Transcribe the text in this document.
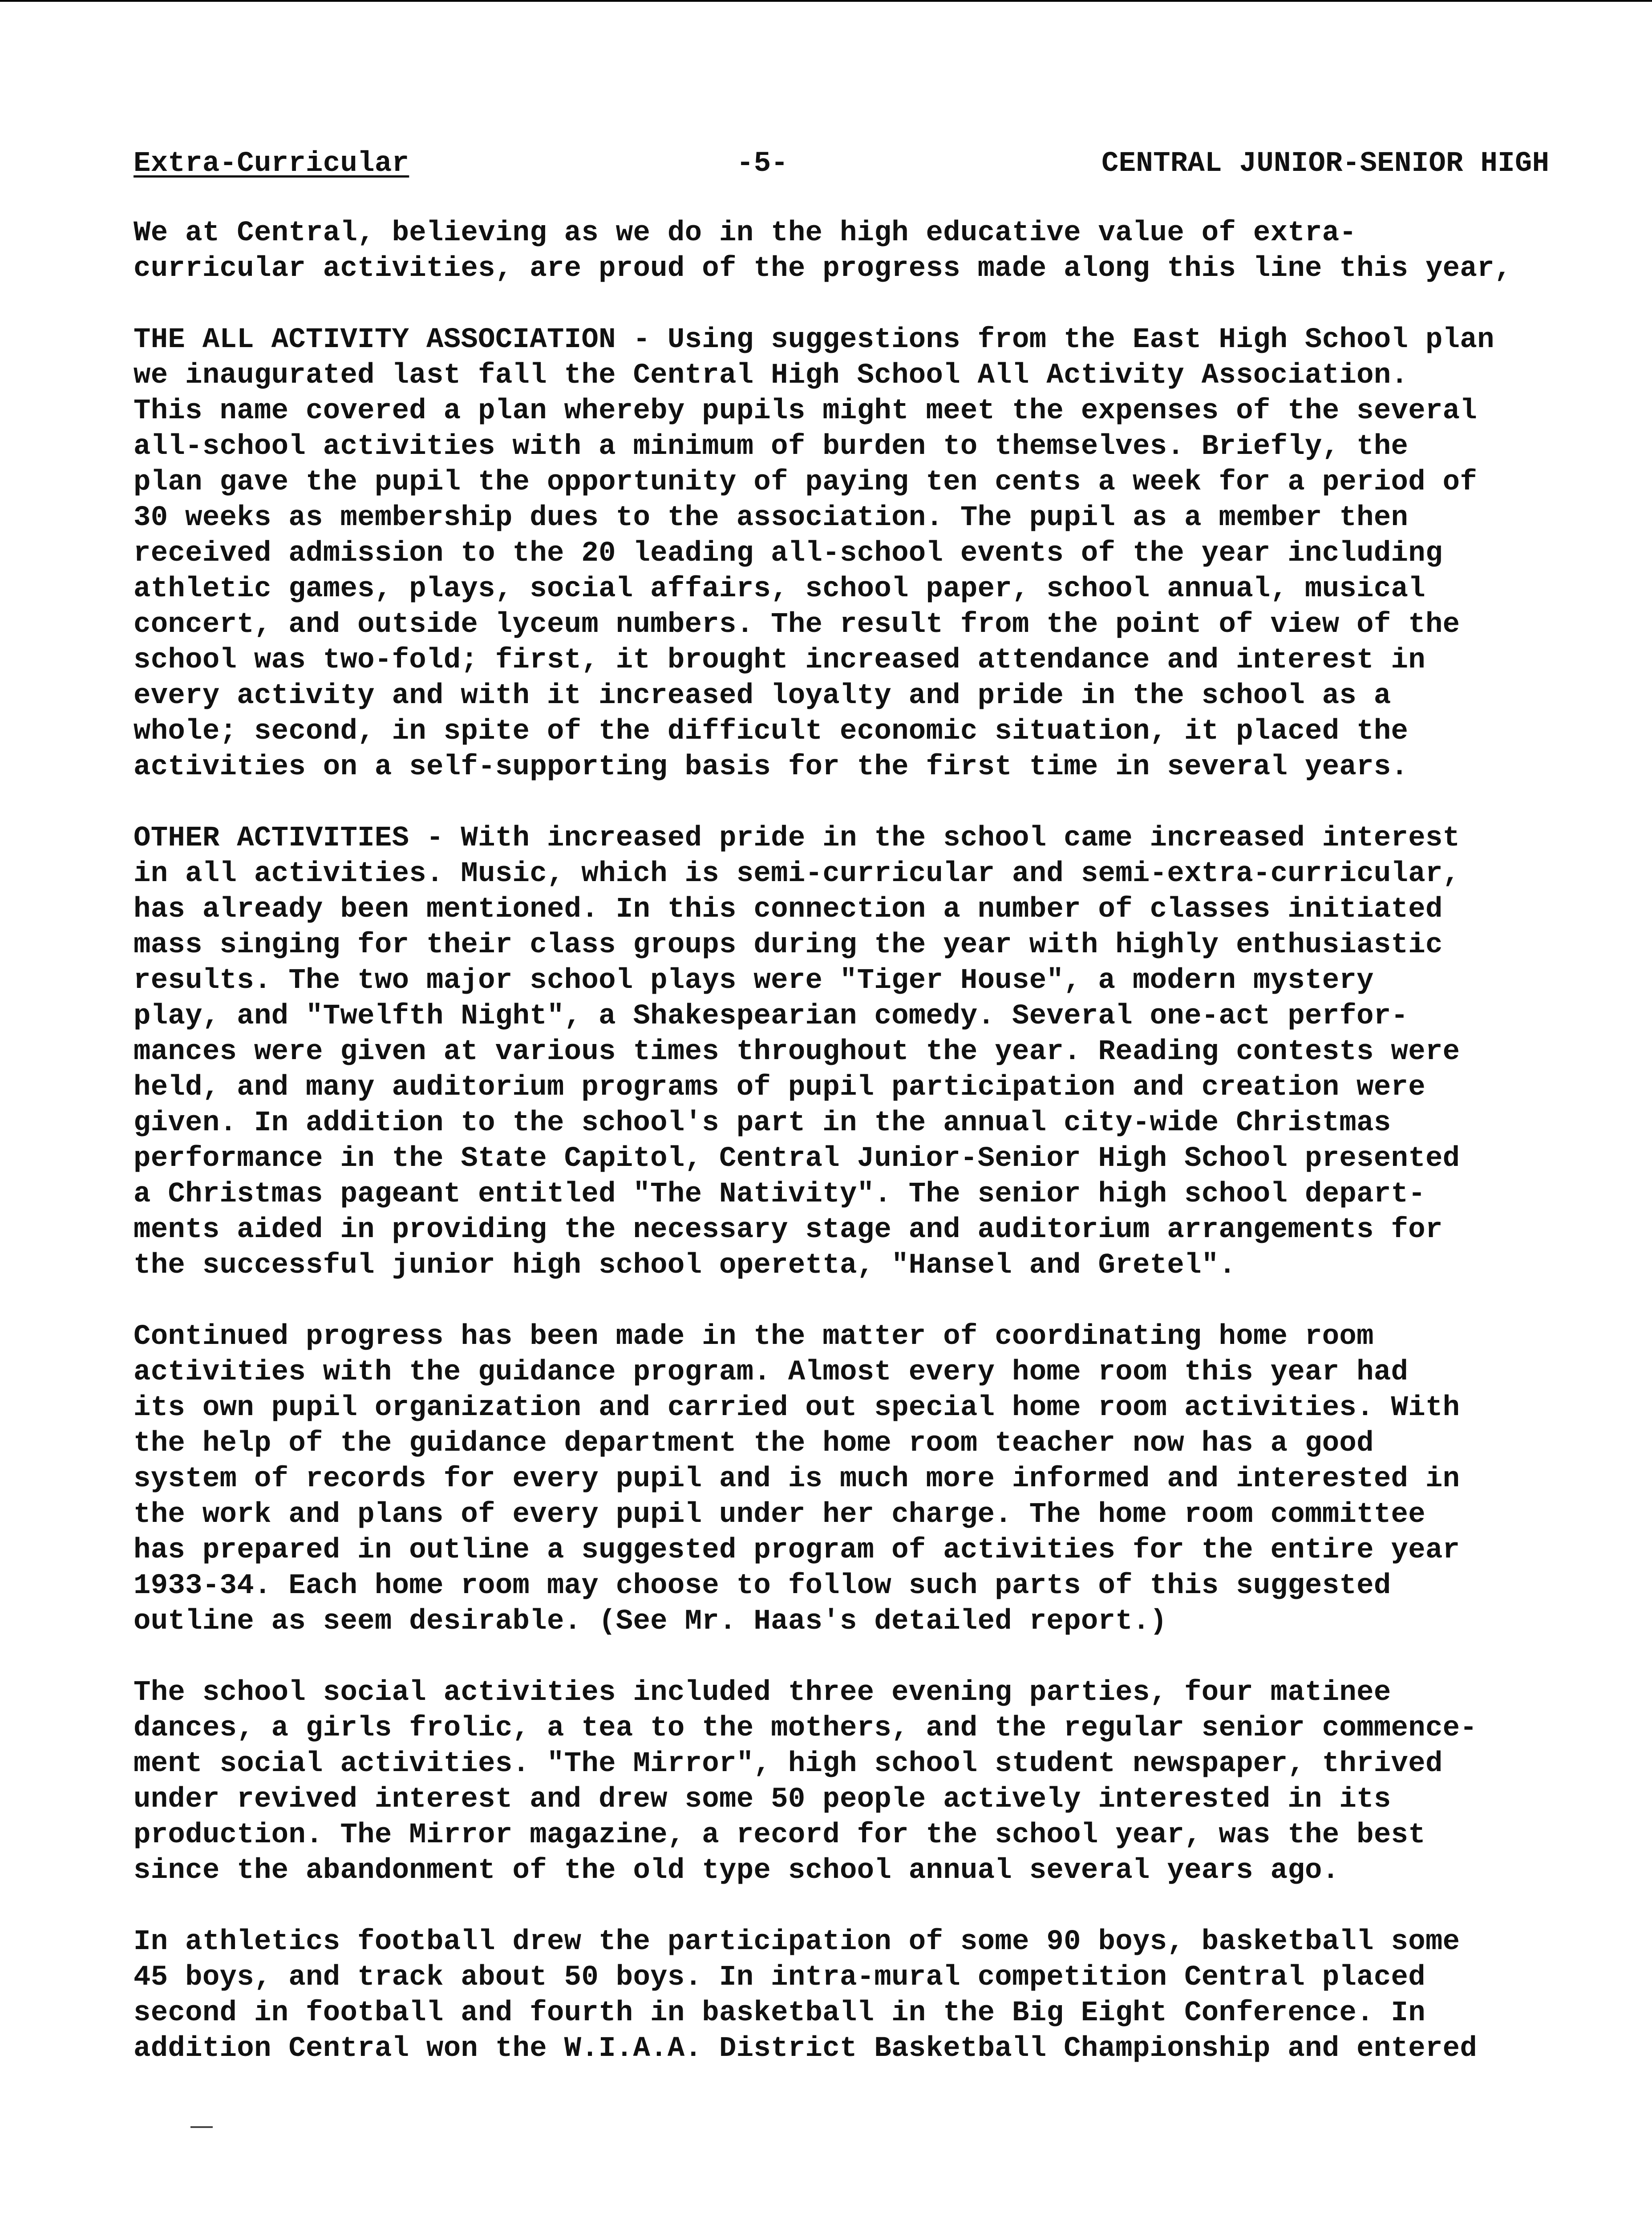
Extra-Curricular	-5-	CENTRAL JUNIOR-SENIOR HIGH

We at Central, believing as we do in the high educative value of extra-
curricular activities, are proud of the progress made along this line this year,

THE ALL ACTIVITY ASSOCIATION - Using suggestions from the East High School plan
we inaugurated last fall the Central High School All Activity Association.
This name covered a plan whereby pupils might meet the expenses of the several
all-school activities with a minimum of burden to themselves. Briefly, the
plan gave the pupil the opportunity of paying ten cents a week for a period of
30 weeks as membership dues to the association. The pupil as a member then
received admission to the 20 leading all-school events of the year including
athletic games, plays, social affairs, school paper, school annual, musical
concert, and outside lyceum numbers. The result from the point of view of the
school was two-fold; first, it brought increased attendance and interest in
every activity and with it increased loyalty and pride in the school as a
whole; second, in spite of the difficult economic situation, it placed the
activities on a self-supporting basis for the first time in several years.

OTHER ACTIVITIES - With increased pride in the school came increased interest
in all activities. Music, which is semi-curricular and semi-extra-curricular,
has already been mentioned. In this connection a number of classes initiated
mass singing for their class groups during the year with highly enthusiastic
results. The two major school plays were "Tiger House", a modern mystery
play, and "Twelfth Night", a Shakespearian comedy. Several one-act perfor-
mances were given at various times throughout the year. Reading contests were
held, and many auditorium programs of pupil participation and creation were
given. In addition to the school's part in the annual city-wide Christmas
performance in the State Capitol, Central Junior-Senior High School presented
a Christmas pageant entitled "The Nativity". The senior high school depart-
ments aided in providing the necessary stage and auditorium arrangements for
the successful junior high school operetta, "Hansel and Gretel".

Continued progress has been made in the matter of coordinating home room
activities with the guidance program. Almost every home room this year had
its own pupil organization and carried out special home room activities. With
the help of the guidance department the home room teacher now has a good
system of records for every pupil and is much more informed and interested in
the work and plans of every pupil under her charge. The home room committee
has prepared in outline a suggested program of activities for the entire year
1933-34. Each home room may choose to follow such parts of this suggested
outline as seem desirable. (See Mr. Haas's detailed report.)

The school social activities included three evening parties, four matinee
dances, a girls frolic, a tea to the mothers, and the regular senior commence-
ment social activities. "The Mirror", high school student newspaper, thrived
under revived interest and drew some 50 people actively interested in its
production. The Mirror magazine, a record for the school year, was the best
since the abandonment of the old type school annual several years ago.

In athletics football drew the participation of some 90 boys, basketball some
45 boys, and track about 50 boys. In intra-mural competition Central placed
second in football and fourth in basketball in the Big Eight Conference. In
addition Central won the W.I.A.A. District Basketball Championship and entered
